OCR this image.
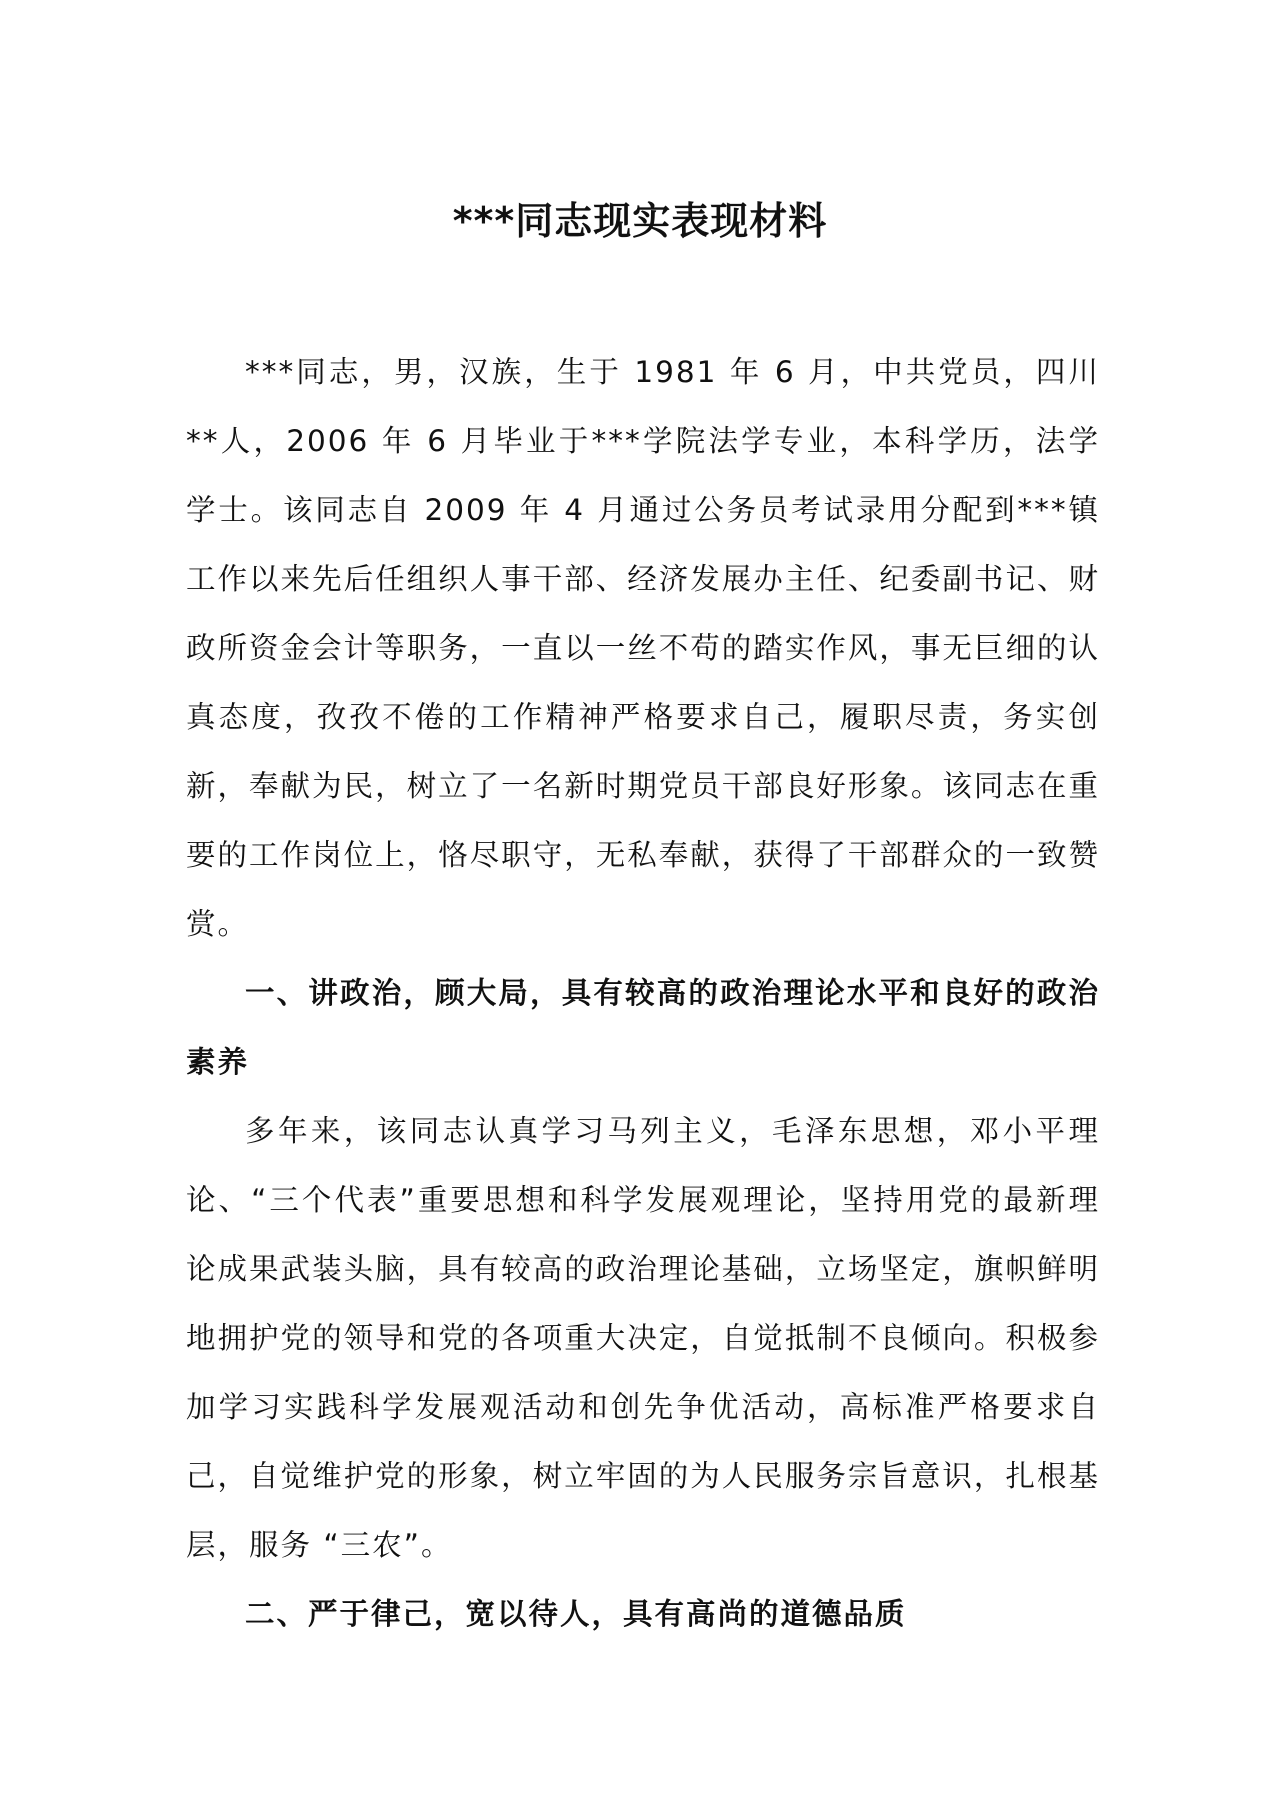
***同志现实表现材料

***同志，男，汉族，生于 1981 年 6 月，中共党员，四川**人，2006 年 6 月毕业于***学院法学专业，本科学历，法学学士。该同志自 2009 年 4 月通过公务员考试录用分配到***镇工作以来先后任组织人事干部、经济发展办主任、纪委副书记、财政所资金会计等职务，一直以一丝不苟的踏实作风，事无巨细的认真态度，孜孜不倦的工作精神严格要求自己，履职尽责，务实创新，奉献为民，树立了一名新时期党员干部良好形象。该同志在重要的工作岗位上，恪尽职守，无私奉献，获得了干部群众的一致赞赏。

一、讲政治，顾大局，具有较高的政治理论水平和良好的政治素养

多年来，该同志认真学习马列主义，毛泽东思想，邓小平理论、“三个代表”重要思想和科学发展观理论，坚持用党的最新理论成果武装头脑，具有较高的政治理论基础，立场坚定，旗帜鲜明地拥护党的领导和党的各项重大决定，自觉抵制不良倾向。积极参加学习实践科学发展观活动和创先争优活动，高标准严格要求自己，自觉维护党的形象，树立牢固的为人民服务宗旨意识，扎根基层，服务 “三农”。

二、严于律己，宽以待人，具有高尚的道德品质
